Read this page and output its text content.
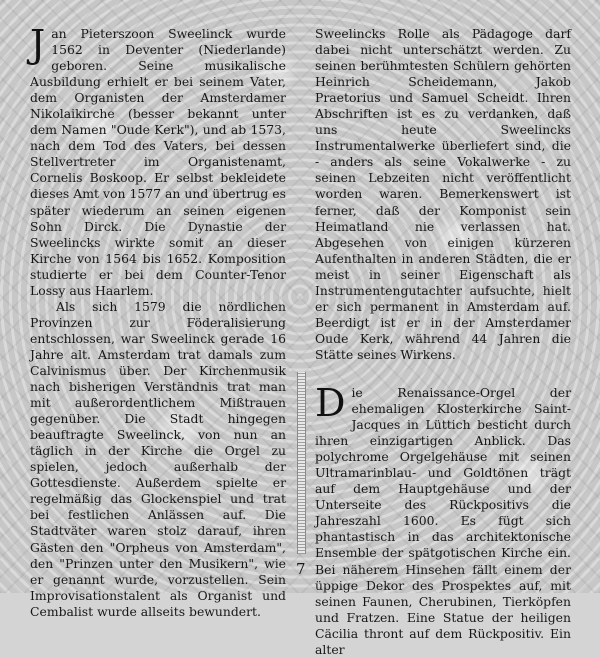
Jan Pieterszoon Sweelinck wurde 1562 in Deventer (Niederlande) geboren. Seine musikalische Ausbildung erhielt er bei seinem Vater, dem Organisten der Amsterdamer Nikolaikirche (besser bekannt unter dem Namen "Oude Kerk"), und ab 1573, nach dem Tod des Vaters, bei dessen Stellvertreter im Organistenamt, Cornelis Boskoop. Er selbst bekleidete dieses Amt von 1577 an und übertrug es später wiederum an seinen eigenen Sohn Dirck. Die Dynastie der Sweelincks wirkte somit an dieser Kirche von 1564 bis 1652. Komposition studierte er bei dem Counter-Tenor Lossy aus Haarlem.

Als sich 1579 die nördlichen Provinzen zur Föderalisierung entschlossen, war Sweelinck gerade 16 Jahre alt. Amsterdam trat damals zum Calvinismus über. Der Kirchenmusik nach bisherigen Verständnis trat man mit außerordentlichem Mißtrauen gegenüber. Die Stadt hingegen beauftragte Sweelinck, von nun an täglich in der Kirche die Orgel zu spielen, jedoch außerhalb der Gottesdienste. Außerdem spielte er regelmäßig das Glockenspiel und trat bei festlichen Anlässen auf. Die Stadtväter waren stolz darauf, ihren Gästen den "Orpheus von Amsterdam", den "Prinzen unter den Musikern", wie er genannt wurde, vorzustellen. Sein Improvisationstalent als Organist und Cembalist wurde allseits bewundert.

Sweelincks Rolle als Pädagoge darf dabei nicht unterschätzt werden. Zu seinen berühmtesten Schülern gehörten Heinrich Scheidemann, Jakob Praetorius und Samuel Scheidt. Ihren Abschriften ist es zu verdanken, daß uns heute Sweelincks Instrumentalwerke überliefert sind, die - anders als seine Vokalwerke - zu seinen Lebzeiten nicht veröffentlicht worden waren. Bemerkenswert ist ferner, daß der Komponist sein Heimatland nie verlassen hat. Abgesehen von einigen kürzeren Aufenthalten in anderen Städten, die er meist in seiner Eigenschaft als Instrumentengutachter aufsuchte, hielt er sich permanent in Amsterdam auf. Beerdigt ist er in der Amsterdamer Oude Kerk, während 44 Jahren die Stätte seines Wirkens.

Die Renaissance-Orgel der ehemaligen Klosterkirche Saint-Jacques in Lüttich besticht durch ihren einzigartigen Anblick. Das polychrome Orgelgehäuse mit seinen Ultramarinblau- und Goldtönen trägt auf dem Hauptgehäuse und der Unterseite des Rückpositivs die Jahreszahl 1600. Es fügt sich phantastisch in das architektonische Ensemble der spätgotischen Kirche ein. Bei näherem Hinsehen fällt einem der üppige Dekor des Prospektes auf, mit seinen Faunen, Cherubinen, Tierköpfen und Fratzen. Eine Statue der heiligen Cäcilia thront auf dem Rückpositiv. Ein alter

7
